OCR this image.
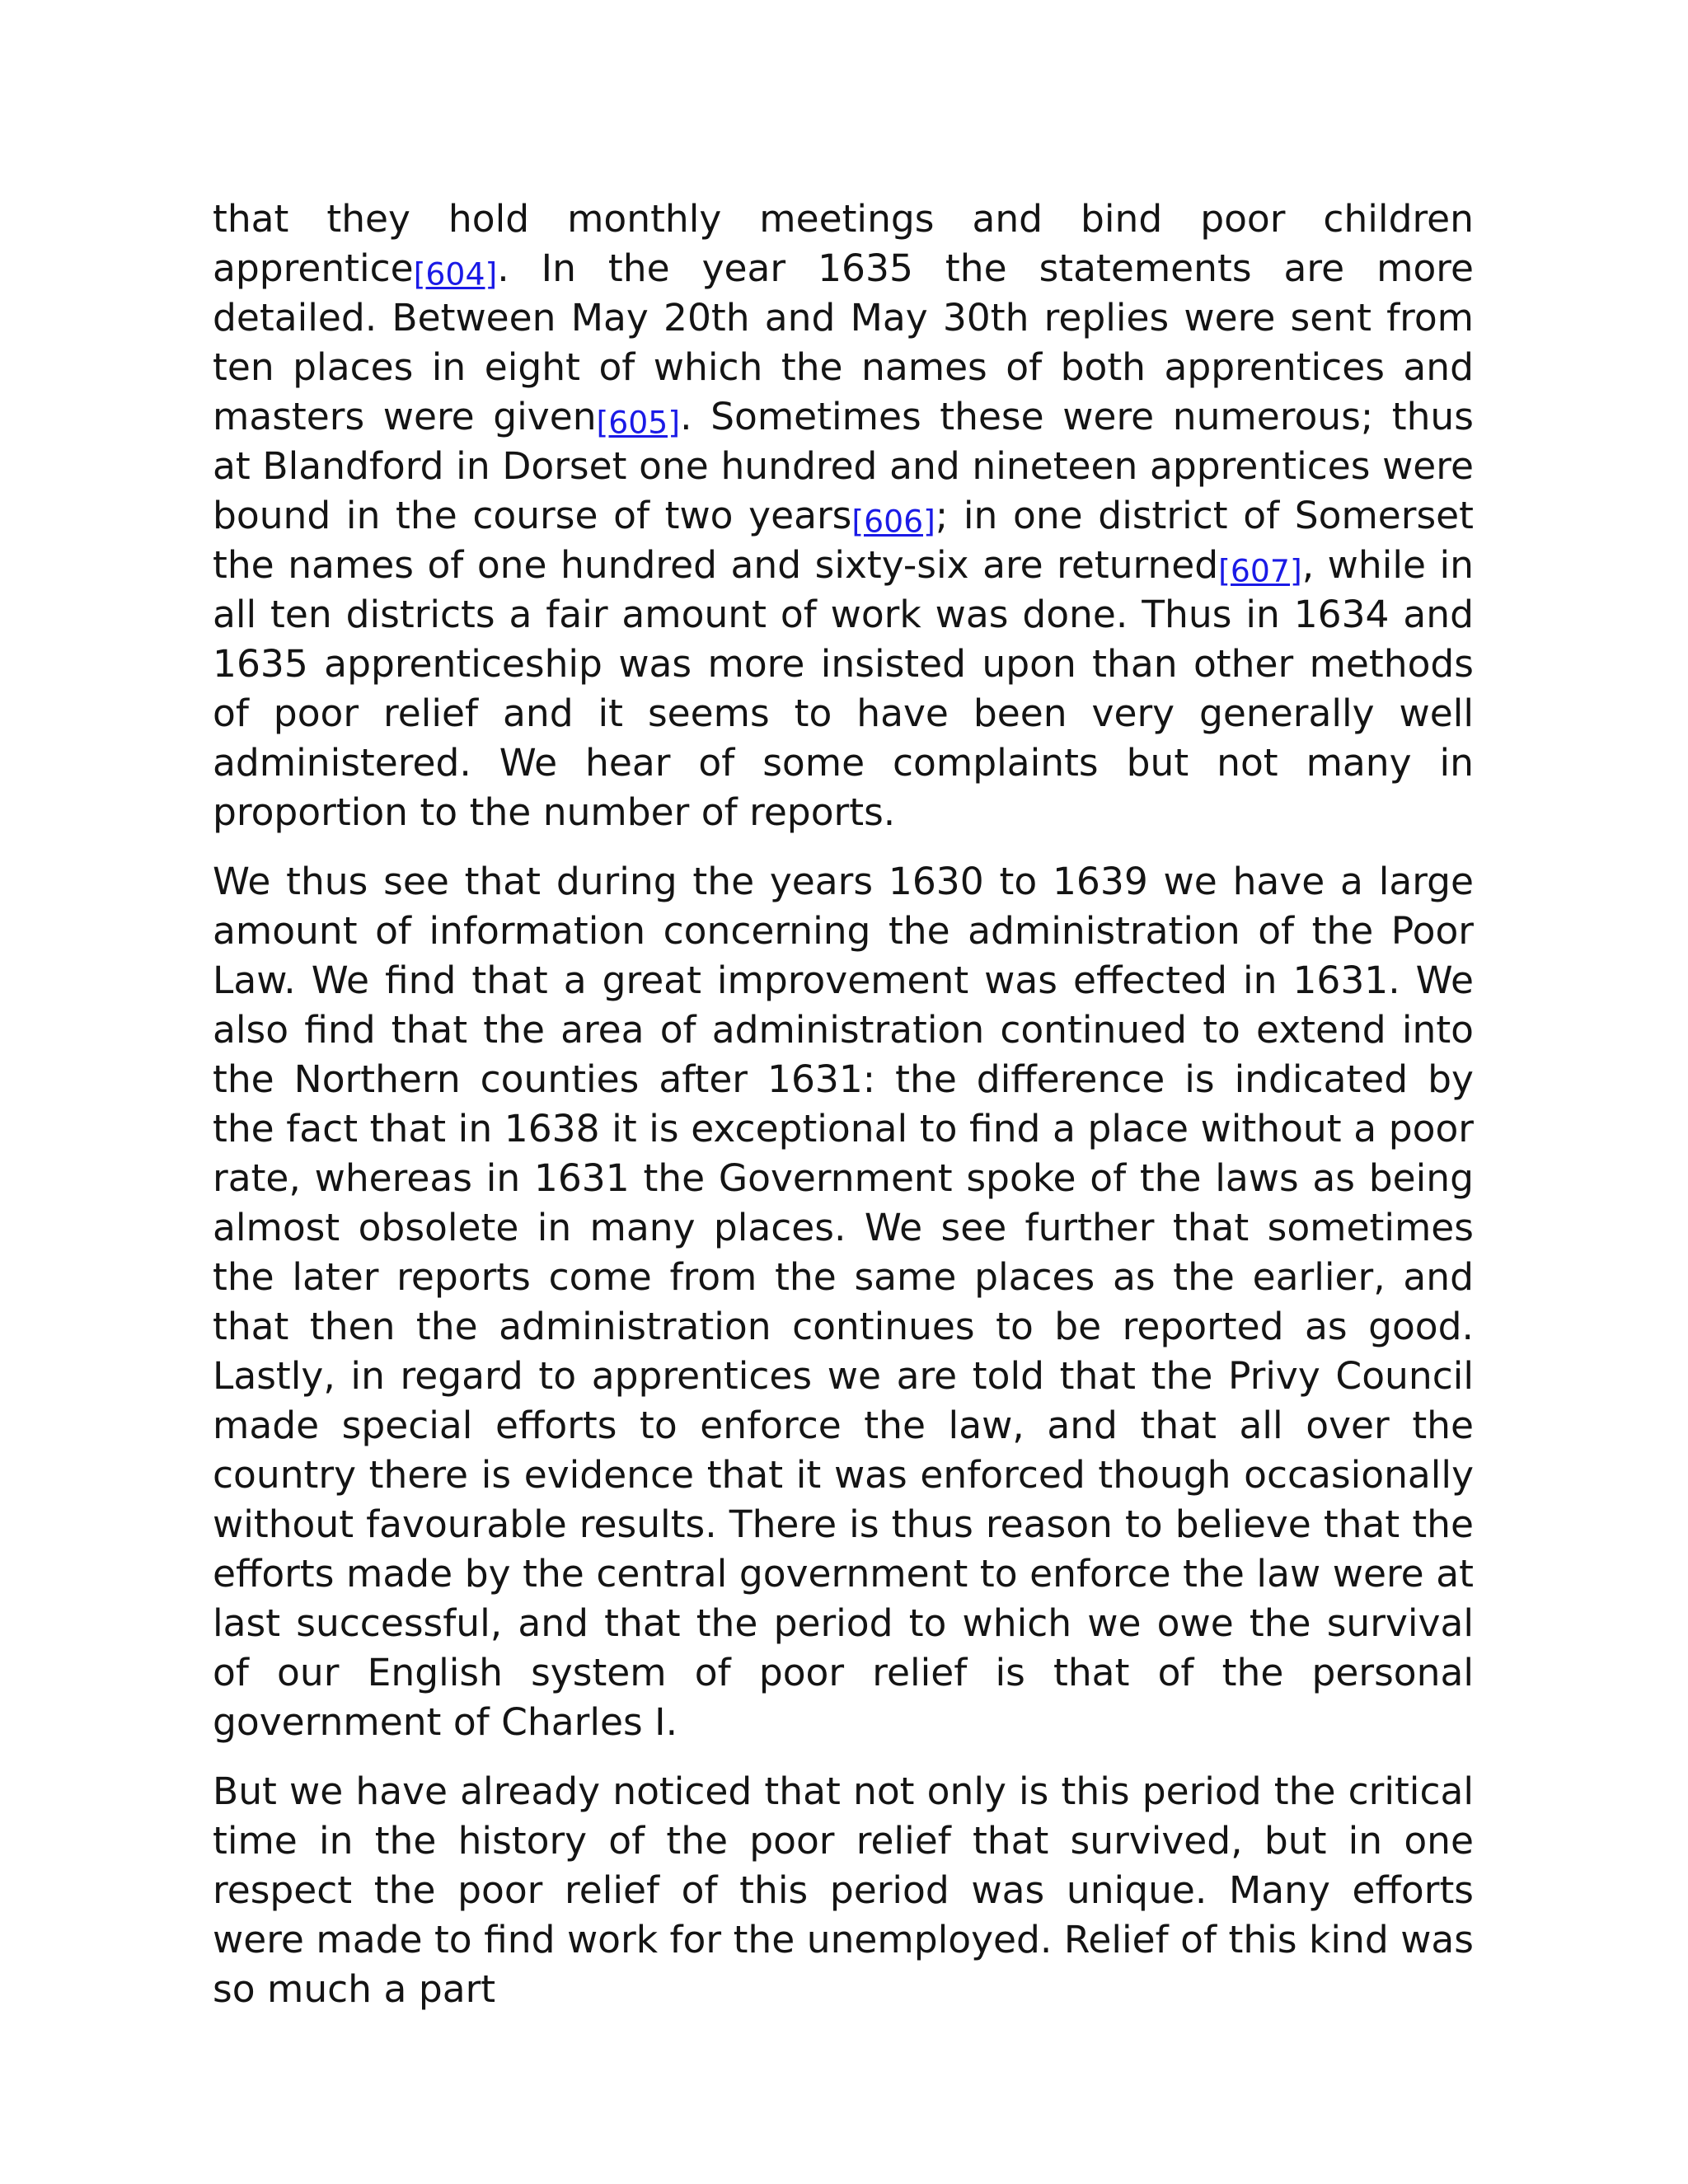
that they hold monthly meetings and bind poor children apprentice[604]. In the year 1635 the statements are more detailed. Between May 20th and May 30th replies were sent from ten places in eight of which the names of both apprentices and masters were given[605]. Sometimes these were numerous; thus at Blandford in Dorset one hundred and nineteen apprentices were bound in the course of two years[606]; in one district of Somerset the names of one hundred and sixty-six are returned[607], while in all ten districts a fair amount of work was done. Thus in 1634 and 1635 apprenticeship was more insisted upon than other methods of poor relief and it seems to have been very generally well administered. We hear of some complaints but not many in proportion to the number of reports.

We thus see that during the years 1630 to 1639 we have a large amount of information concerning the administration of the Poor Law. We find that a great improvement was effected in 1631. We also find that the area of administration continued to extend into the Northern counties after 1631: the difference is indicated by the fact that in 1638 it is exceptional to find a place without a poor rate, whereas in 1631 the Government spoke of the laws as being almost obsolete in many places. We see further that sometimes the later reports come from the same places as the earlier, and that then the administration continues to be reported as good. Lastly, in regard to apprentices we are told that the Privy Council made special efforts to enforce the law, and that all over the country there is evidence that it was enforced though occasionally without favourable results. There is thus reason to believe that the efforts made by the central government to enforce the law were at last successful, and that the period to which we owe the survival of our English system of poor relief is that of the personal government of Charles I.

But we have already noticed that not only is this period the critical time in the history of the poor relief that survived, but in one respect the poor relief of this period was unique. Many efforts were made to find work for the unemployed. Relief of this kind was so much a part
